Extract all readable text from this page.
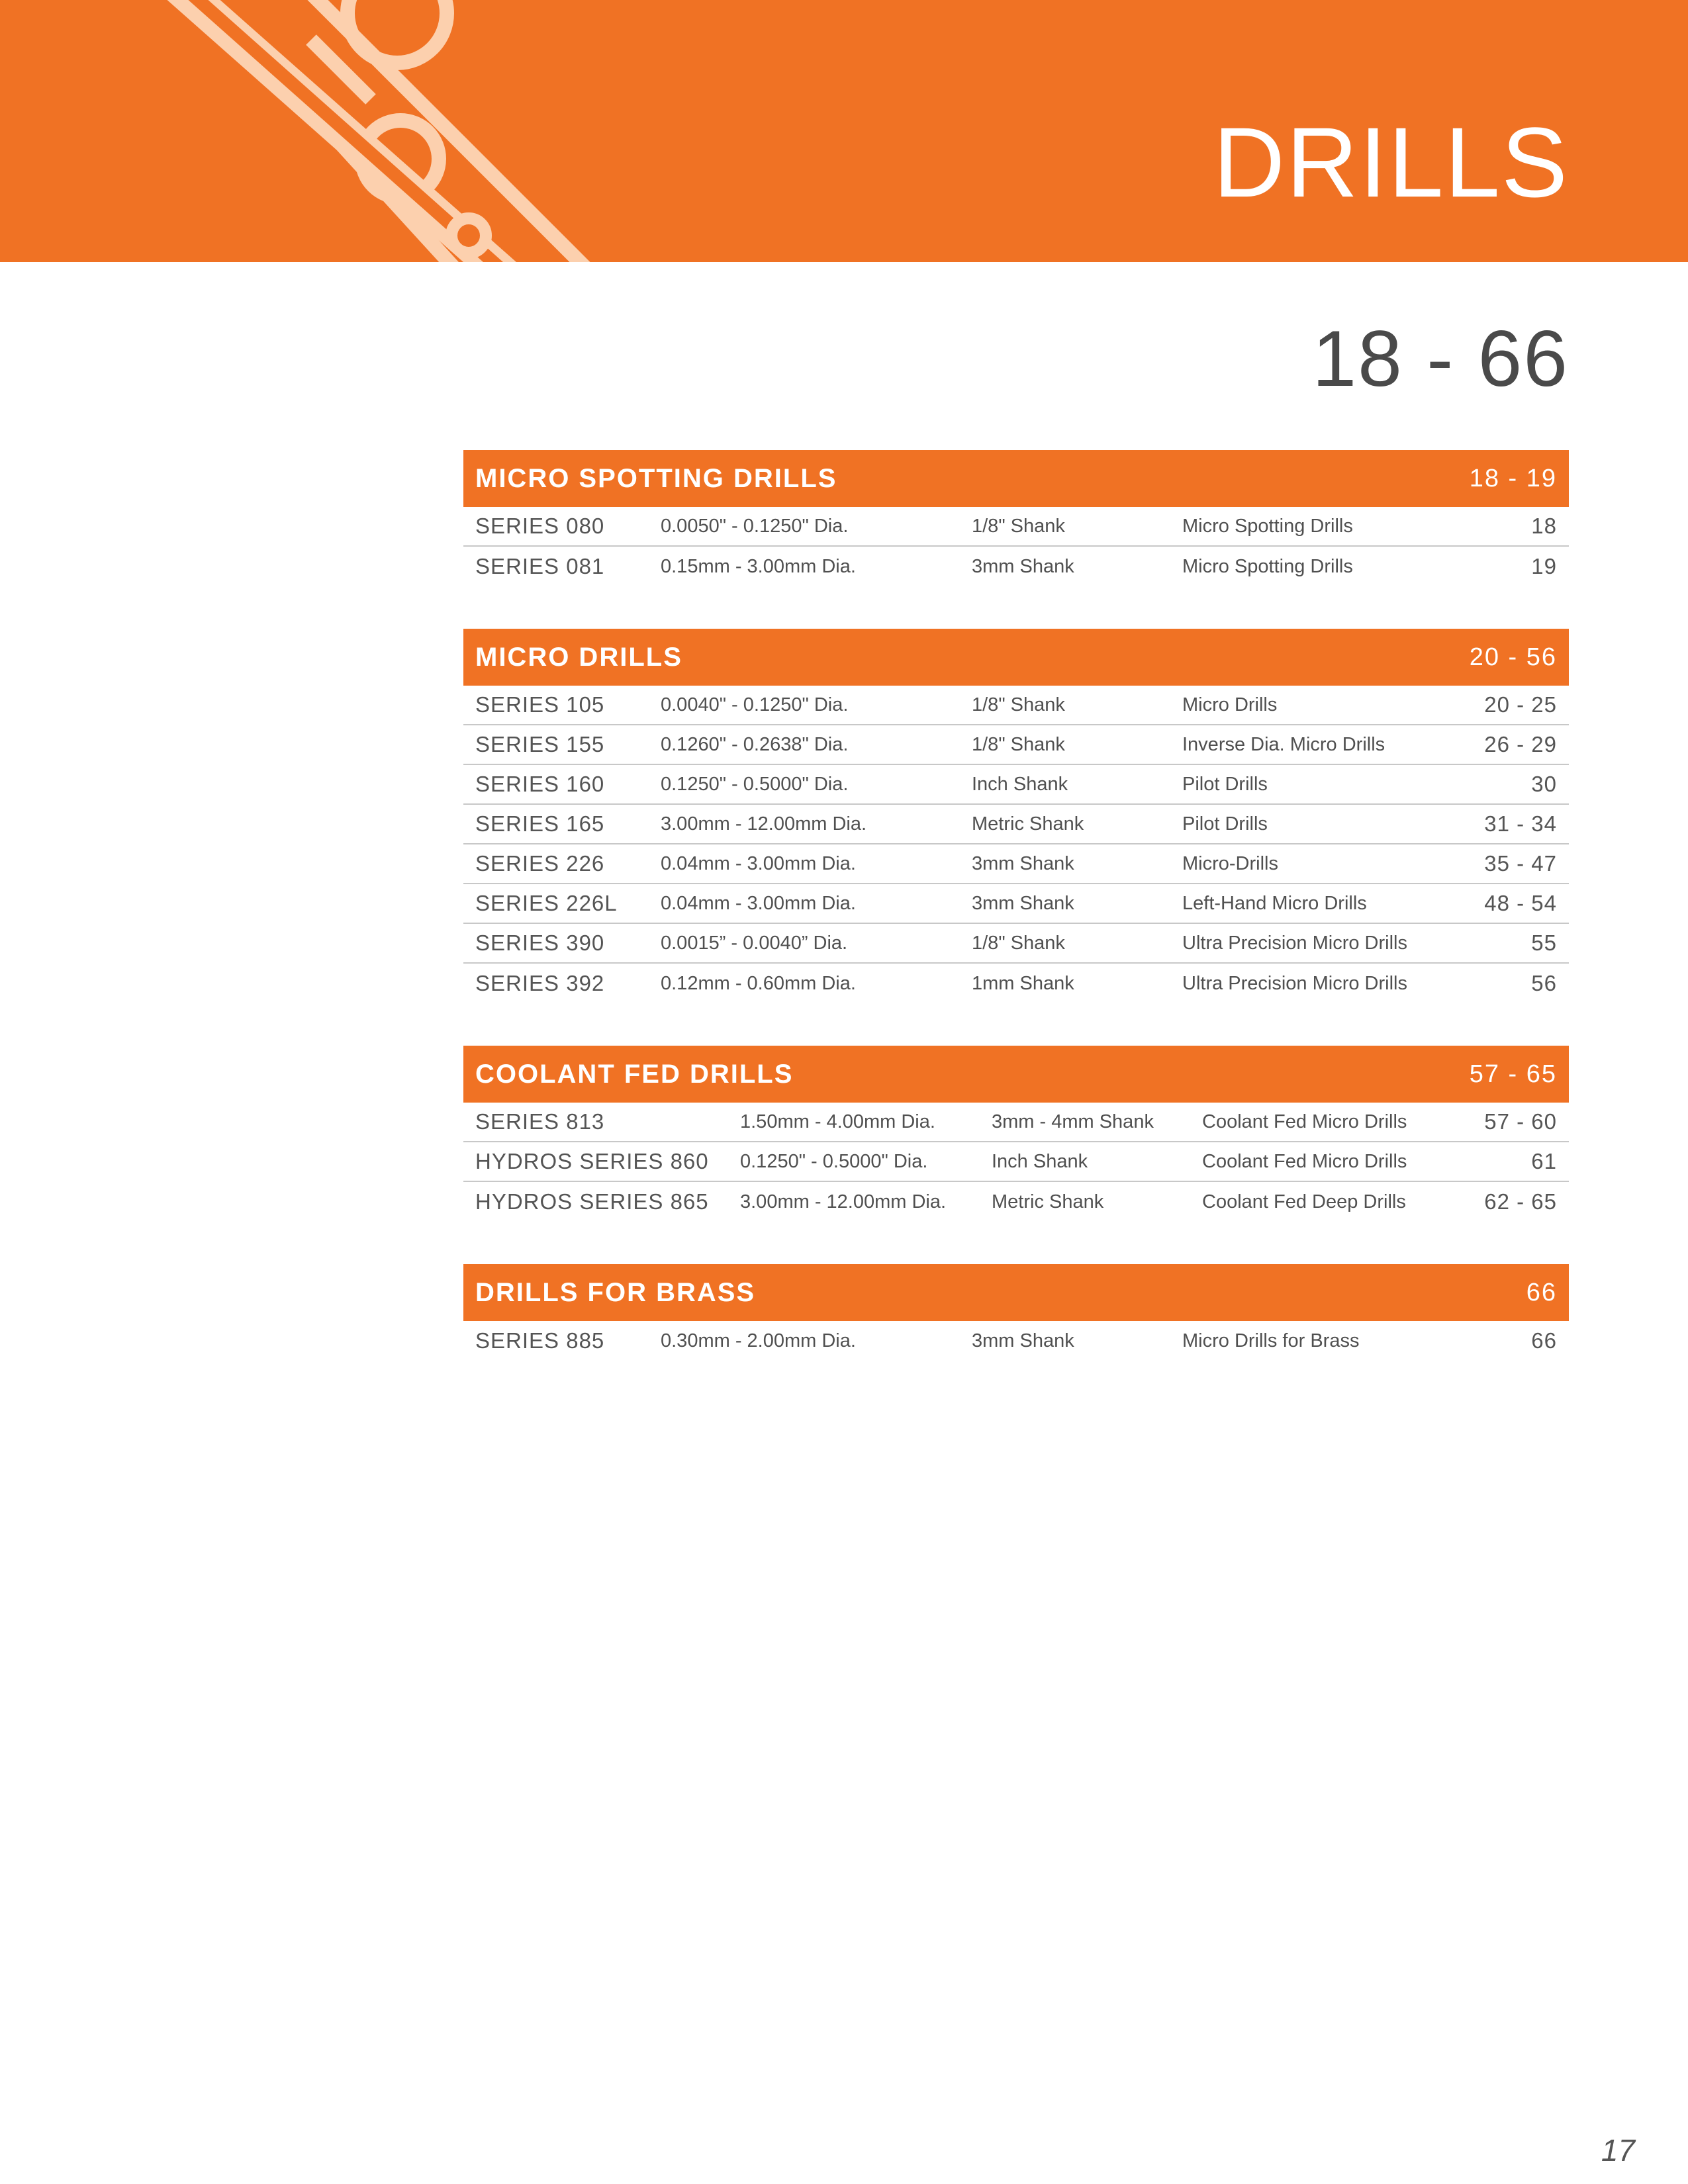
DRILLS
18 - 66
MICRO SPOTTING DRILLS	18 - 19
SERIES 080	0.0050" - 0.1250" Dia.	1/8" Shank	Micro Spotting Drills	18
SERIES 081	0.15mm - 3.00mm Dia.	3mm Shank	Micro Spotting Drills	19
MICRO DRILLS	20 - 56
SERIES 105	0.0040" - 0.1250" Dia.	1/8" Shank	Micro Drills	20 - 25
SERIES 155	0.1260" - 0.2638" Dia.	1/8" Shank	Inverse Dia. Micro Drills	26 - 29
SERIES 160	0.1250" - 0.5000" Dia.	Inch Shank	Pilot Drills	30
SERIES 165	3.00mm - 12.00mm Dia.	Metric Shank	Pilot Drills	31 - 34
SERIES 226	0.04mm - 3.00mm Dia.	3mm Shank	Micro-Drills	35 - 47
SERIES 226L	0.04mm - 3.00mm Dia.	3mm Shank	Left-Hand Micro Drills	48 - 54
SERIES 390	0.0015” - 0.0040” Dia.	1/8" Shank	Ultra Precision Micro Drills	55
SERIES 392	0.12mm - 0.60mm Dia.	1mm Shank	Ultra Precision Micro Drills	56
COOLANT FED DRILLS	57 - 65
SERIES 813	1.50mm - 4.00mm Dia.	3mm - 4mm Shank	Coolant Fed Micro Drills	57 - 60
HYDROS SERIES 860	0.1250" - 0.5000" Dia.	Inch Shank	Coolant Fed Micro Drills	61
HYDROS SERIES 865	3.00mm - 12.00mm Dia.	Metric Shank	Coolant Fed Deep Drills	62 - 65
DRILLS FOR BRASS	66
SERIES 885	0.30mm - 2.00mm Dia.	3mm Shank	Micro Drills for Brass	66
17
